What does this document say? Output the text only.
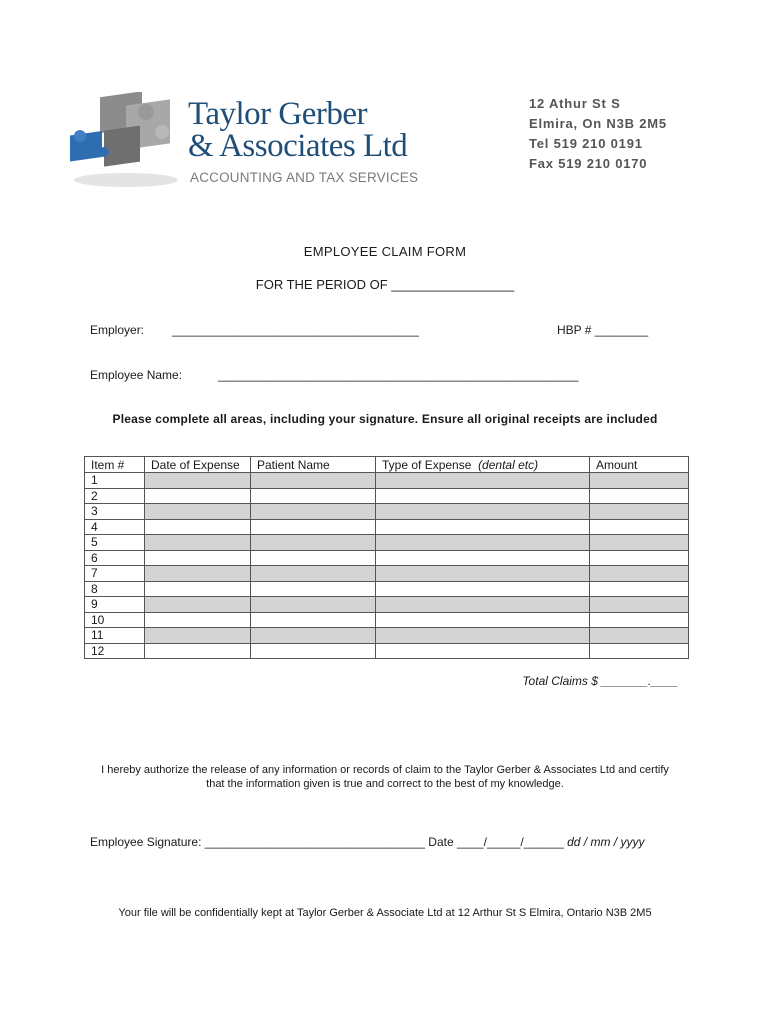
Taylor Gerber
& Associates Ltd
ACCOUNTING AND TAX SERVICES
12 Athur St S
Elmira, On N3B 2M5
Tel 519 210 0191
Fax 519 210 0170
EMPLOYEE CLAIM FORM
FOR THE PERIOD OF _________________
Employer: _____________________________________	HBP # ________
Employee Name:	______________________________________________________
Please complete all areas, including your signature. Ensure all original receipts are included
Item #	Date of Expense	Patient Name	Type of Expense (dental etc)	Amount
1				
2				
3				
4				
5				
6				
7				
8				
9				
10				
11				
12				
Total Claims $ _______.____
I hereby authorize the release of any information or records of claim to the Taylor Gerber & Associates Ltd and certify
that the information given is true and correct to the best of my knowledge.
Employee Signature: _________________________________ Date ____/_____/______ dd / mm / yyyy
Your file will be confidentially kept at Taylor Gerber & Associate Ltd at 12 Arthur St S Elmira, Ontario N3B 2M5
